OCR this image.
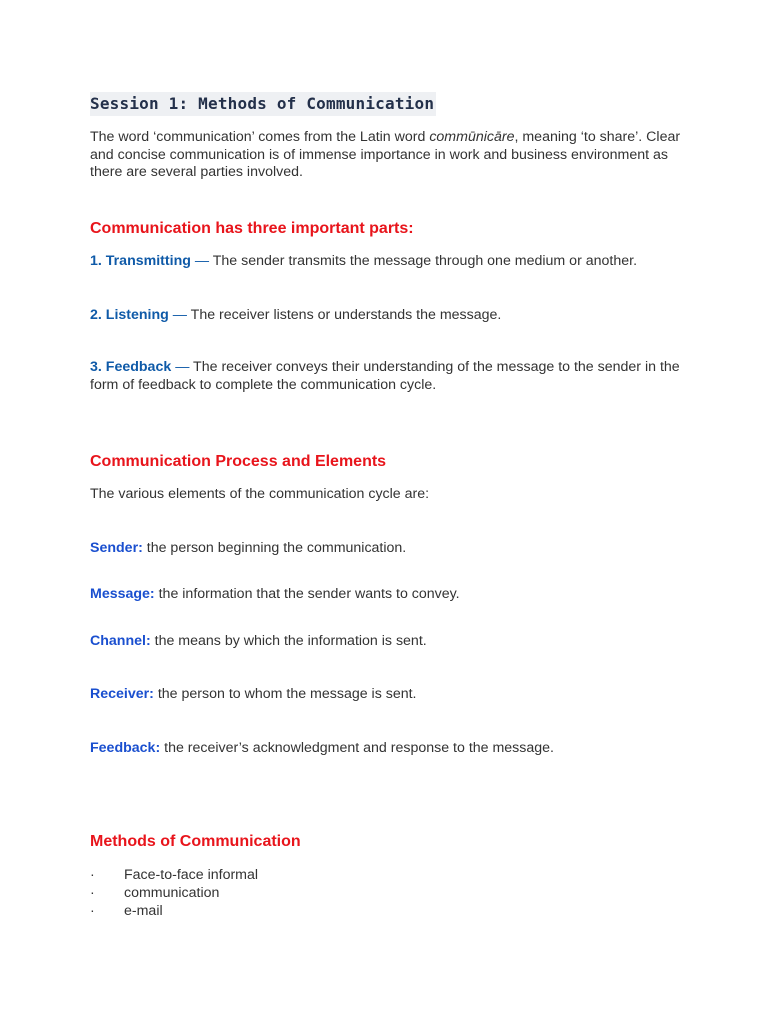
Session 1: Methods of Communication
The word ‘communication’ comes from the Latin word commūnicāre, meaning ‘to share’. Clear and concise communication is of immense importance in work and business environment as there are several parties involved.
Communication has three important parts:
1. Transmitting — The sender transmits the message through one medium or another.
2. Listening — The receiver listens or understands the message.
3. Feedback — The receiver conveys their understanding of the message to the sender in the form of feedback to complete the communication cycle.
Communication Process and Elements
The various elements of the communication cycle are:
Sender: the person beginning the communication.
Message: the information that the sender wants to convey.
Channel: the means by which the information is sent.
Receiver: the person to whom the message is sent.
Feedback: the receiver’s acknowledgment and response to the message.
Methods of Communication
· Face-to-face informal
· communication
· e-mail
